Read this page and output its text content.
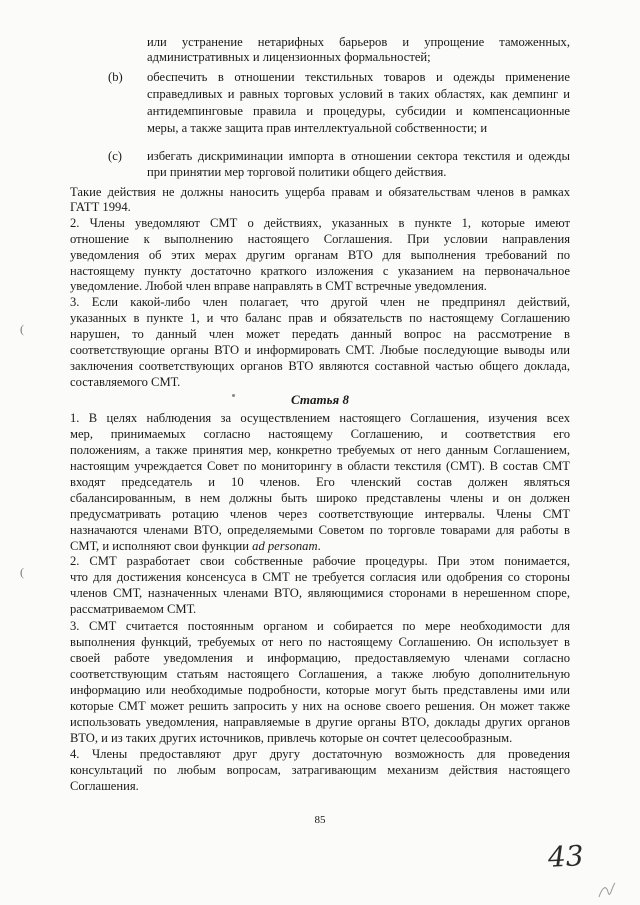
или устранение нетарифных барьеров и упрощение таможенных,

административных и лицензионных формальностей;

(b) обеспечить в отношении текстильных товаров и одежды применение

справедливых и равных торговых условий в таких областях, как демпинг и

антидемпинговые правила и процедуры, субсидии и компенсационные

меры, а также защита прав интеллектуальной собственности; и

(c) избегать дискриминации импорта в отношении сектора текстиля и одежды

при принятии мер торговой политики общего действия.

Такие действия не должны наносить ущерба правам и обязательствам членов в рамках

ГАТТ 1994.

2. Члены уведомляют СМТ о действиях, указанных в пункте 1, которые имеют

отношение к выполнению настоящего Соглашения. При условии направления

уведомления об этих мерах другим органам ВТО для выполнения требований по

настоящему пункту достаточно краткого изложения с указанием на первоначальное

уведомление. Любой член вправе направлять в СМТ встречные уведомления.

3. Если какой-либо член полагает, что другой член не предпринял действий,

указанных в пункте 1, и что баланс прав и обязательств по настоящему Соглашению

нарушен, то данный член может передать данный вопрос на рассмотрение в

соответствующие органы ВТО и информировать СМТ. Любые последующие выводы или

заключения соответствующих органов ВТО являются составной частью общего доклада,

составляемого СМТ.

Статья 8

1. В целях наблюдения за осуществлением настоящего Соглашения, изучения всех

мер, принимаемых согласно настоящему Соглашению, и соответствия его

положениям, а также принятия мер, конкретно требуемых от него данным Соглашением,

настоящим учреждается Совет по мониторингу в области текстиля (СМТ). В состав СМТ

входят председатель и 10 членов. Его членский состав должен являться

сбалансированным, в нем должны быть широко представлены члены и он должен

предусматривать ротацию членов через соответствующие интервалы. Члены СМТ

назначаются членами ВТО, определяемыми Советом по торговле товарами для работы в

СМТ, и исполняют свои функции ad personam.

2. СМТ разработает свои собственные рабочие процедуры. При этом понимается,

что для достижения консенсуса в СМТ не требуется согласия или одобрения со стороны

членов СМТ, назначенных членами ВТО, являющимися сторонами в нерешенном споре,

рассматриваемом СМТ.

3. СМТ считается постоянным органом и собирается по мере необходимости для

выполнения функций, требуемых от него по настоящему Соглашению. Он использует в

своей работе уведомления и информацию, предоставляемую членами согласно

соответствующим статьям настоящего Соглашения, а также любую дополнительную

информацию или необходимые подробности, которые могут быть представлены ими или

которые СМТ может решить запросить у них на основе своего решения. Он может также

использовать уведомления, направляемые в другие органы ВТО, доклады других органов

ВТО, и из таких других источников, привлечь которые он сочтет целесообразным.

4. Члены предоставляют друг другу достаточную возможность для проведения

консультаций по любым вопросам, затрагивающим механизм действия настоящего

Соглашения.

85

43
(
(
